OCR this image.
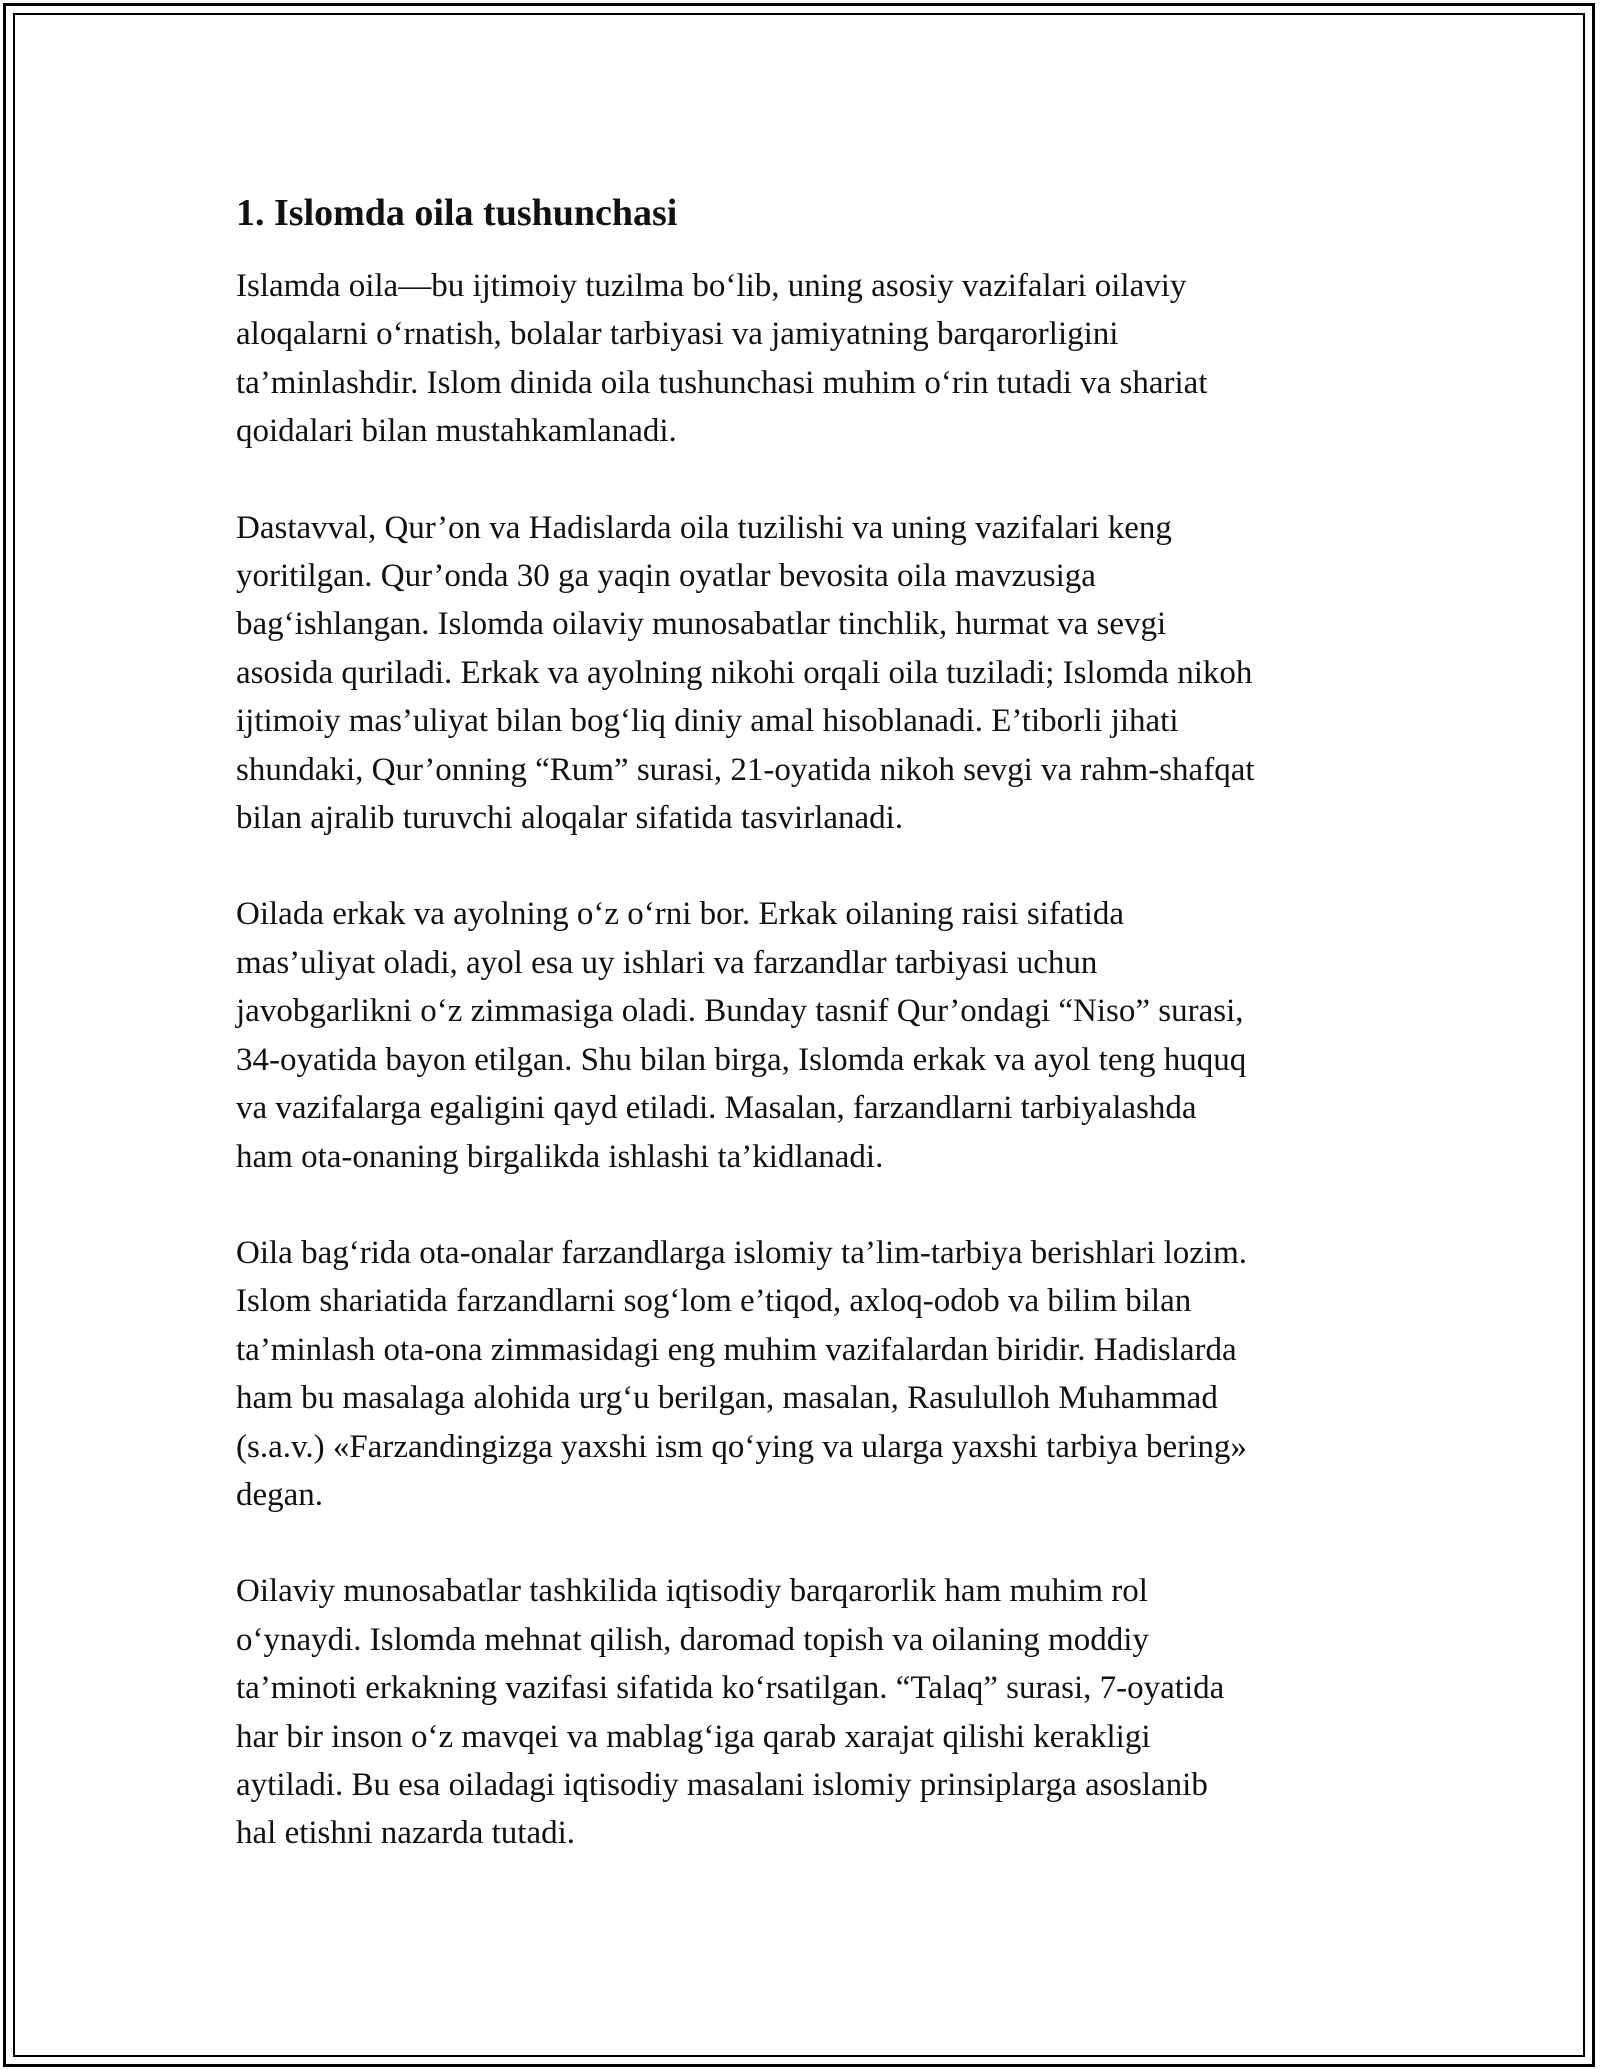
1. Islomda oila tushunchasi

Islamda oila—bu ijtimoiy tuzilma bo‘lib, uning asosiy vazifalari oilaviy
aloqalarni o‘rnatish, bolalar tarbiyasi va jamiyatning barqarorligini
ta’minlashdir. Islom dinida oila tushunchasi muhim o‘rin tutadi va shariat
qoidalari bilan mustahkamlanadi.

Dastavval, Qur’on va Hadislarda oila tuzilishi va uning vazifalari keng
yoritilgan. Qur’onda 30 ga yaqin oyatlar bevosita oila mavzusiga
bag‘ishlangan. Islomda oilaviy munosabatlar tinchlik, hurmat va sevgi
asosida quriladi. Erkak va ayolning nikohi orqali oila tuziladi; Islomda nikoh
ijtimoiy mas’uliyat bilan bog‘liq diniy amal hisoblanadi. E’tiborli jihati
shundaki, Qur’onning “Rum” surasi, 21-oyatida nikoh sevgi va rahm-shafqat
bilan ajralib turuvchi aloqalar sifatida tasvirlanadi.

Oilada erkak va ayolning o‘z o‘rni bor. Erkak oilaning raisi sifatida
mas’uliyat oladi, ayol esa uy ishlari va farzandlar tarbiyasi uchun
javobgarlikni o‘z zimmasiga oladi. Bunday tasnif Qur’ondagi “Niso” surasi,
34-oyatida bayon etilgan. Shu bilan birga, Islomda erkak va ayol teng huquq
va vazifalarga egaligini qayd etiladi. Masalan, farzandlarni tarbiyalashda
ham ota-onaning birgalikda ishlashi ta’kidlanadi.

Oila bag‘rida ota-onalar farzandlarga islomiy ta’lim-tarbiya berishlari lozim.
Islom shariatida farzandlarni sog‘lom e’tiqod, axloq-odob va bilim bilan
ta’minlash ota-ona zimmasidagi eng muhim vazifalardan biridir. Hadislarda
ham bu masalaga alohida urg‘u berilgan, masalan, Rasululloh Muhammad
(s.a.v.) «Farzandingizga yaxshi ism qo‘ying va ularga yaxshi tarbiya bering»
degan.

Oilaviy munosabatlar tashkilida iqtisodiy barqarorlik ham muhim rol
o‘ynaydi. Islomda mehnat qilish, daromad topish va oilaning moddiy
ta’minoti erkakning vazifasi sifatida ko‘rsatilgan. “Talaq” surasi, 7-oyatida
har bir inson o‘z mavqei va mablag‘iga qarab xarajat qilishi kerakligi
aytiladi. Bu esa oiladagi iqtisodiy masalani islomiy prinsiplarga asoslanib
hal etishni nazarda tutadi.
